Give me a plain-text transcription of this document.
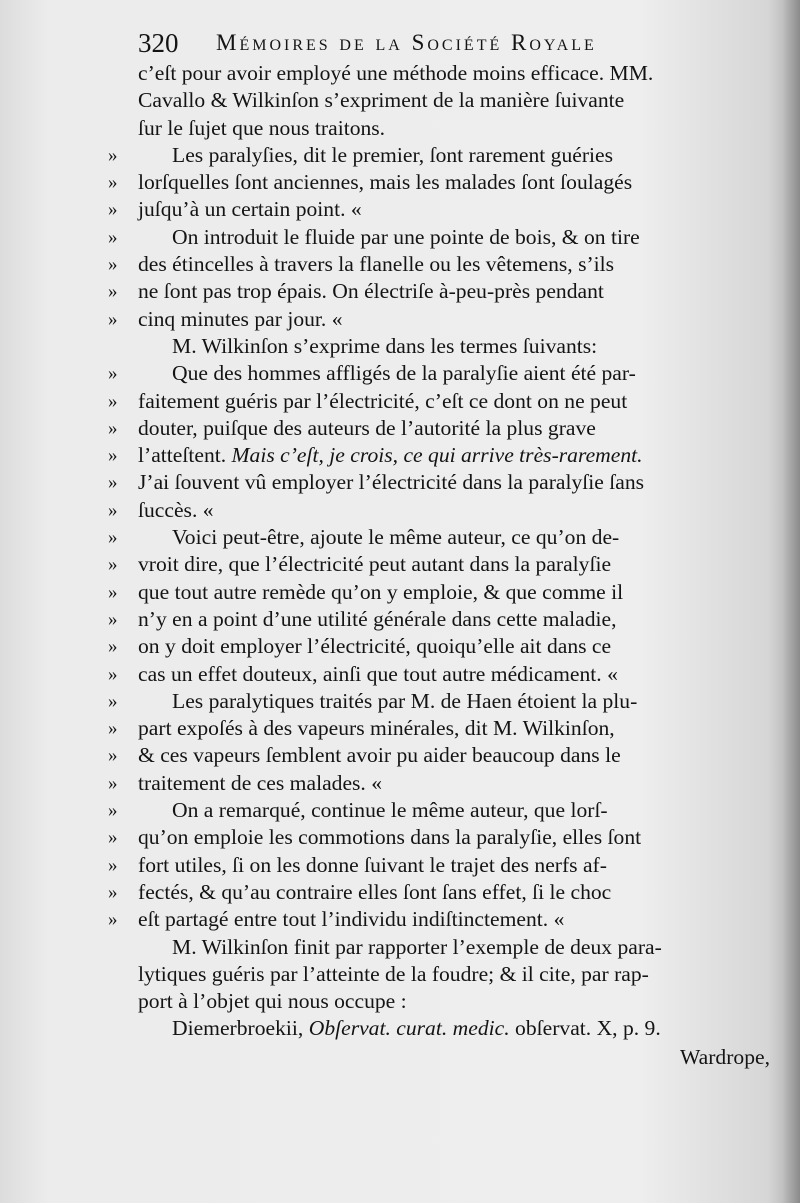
320 Mémoires de la Société Royale
c’eſt pour avoir employé une méthode moins efficace. MM.
Cavallo & Wilkinſon s’expriment de la manière ſuivante
ſur le ſujet que nous traitons.
»	Les paralyſies, dit le premier, ſont rarement guéries
» lorſquelles ſont anciennes, mais les malades ſont ſoulagés
» juſqu’à un certain point. «
»	On introduit le fluide par une pointe de bois, & on tire
» des étincelles à travers la flanelle ou les vêtemens, s’ils
» ne ſont pas trop épais. On électriſe à-peu-près pendant
» cinq minutes par jour. «
M. Wilkinſon s’exprime dans les termes ſuivants:
»	Que des hommes affligés de la paralyſie aient été par-
» faitement guéris par l’électricité, c’eſt ce dont on ne peut
» douter, puiſque des auteurs de l’autorité la plus grave
» l’atteſtent. Mais c’eſt, je crois, ce qui arrive très-rarement.
» J’ai ſouvent vû employer l’électricité dans la paralyſie ſans
» ſuccès. «
»	Voici peut-être, ajoute le même auteur, ce qu’on de-
» vroit dire, que l’électricité peut autant dans la paralyſie
» que tout autre remède qu’on y emploie, & que comme il
» n’y en a point d’une utilité générale dans cette maladie,
» on y doit employer l’électricité, quoiqu’elle ait dans ce
» cas un effet douteux, ainſi que tout autre médicament. «
»	Les paralytiques traités par M. de Haen étoient la plu-
» part expoſés à des vapeurs minérales, dit M. Wilkinſon,
» & ces vapeurs ſemblent avoir pu aider beaucoup dans le
» traitement de ces malades. «
»	On a remarqué, continue le même auteur, que lorſ-
» qu’on emploie les commotions dans la paralyſie, elles ſont
» fort utiles, ſi on les donne ſuivant le trajet des nerfs af-
» fectés, & qu’au contraire elles ſont ſans effet, ſi le choc
» eſt partagé entre tout l’individu indiſtinctement. «
M. Wilkinſon finit par rapporter l’exemple de deux para-
lytiques guéris par l’atteinte de la foudre; & il cite, par rap-
port à l’objet qui nous occupe :
Diemerbroekii, Obſervat. curat. medic. obſervat. X, p. 9.
Wardrope,
